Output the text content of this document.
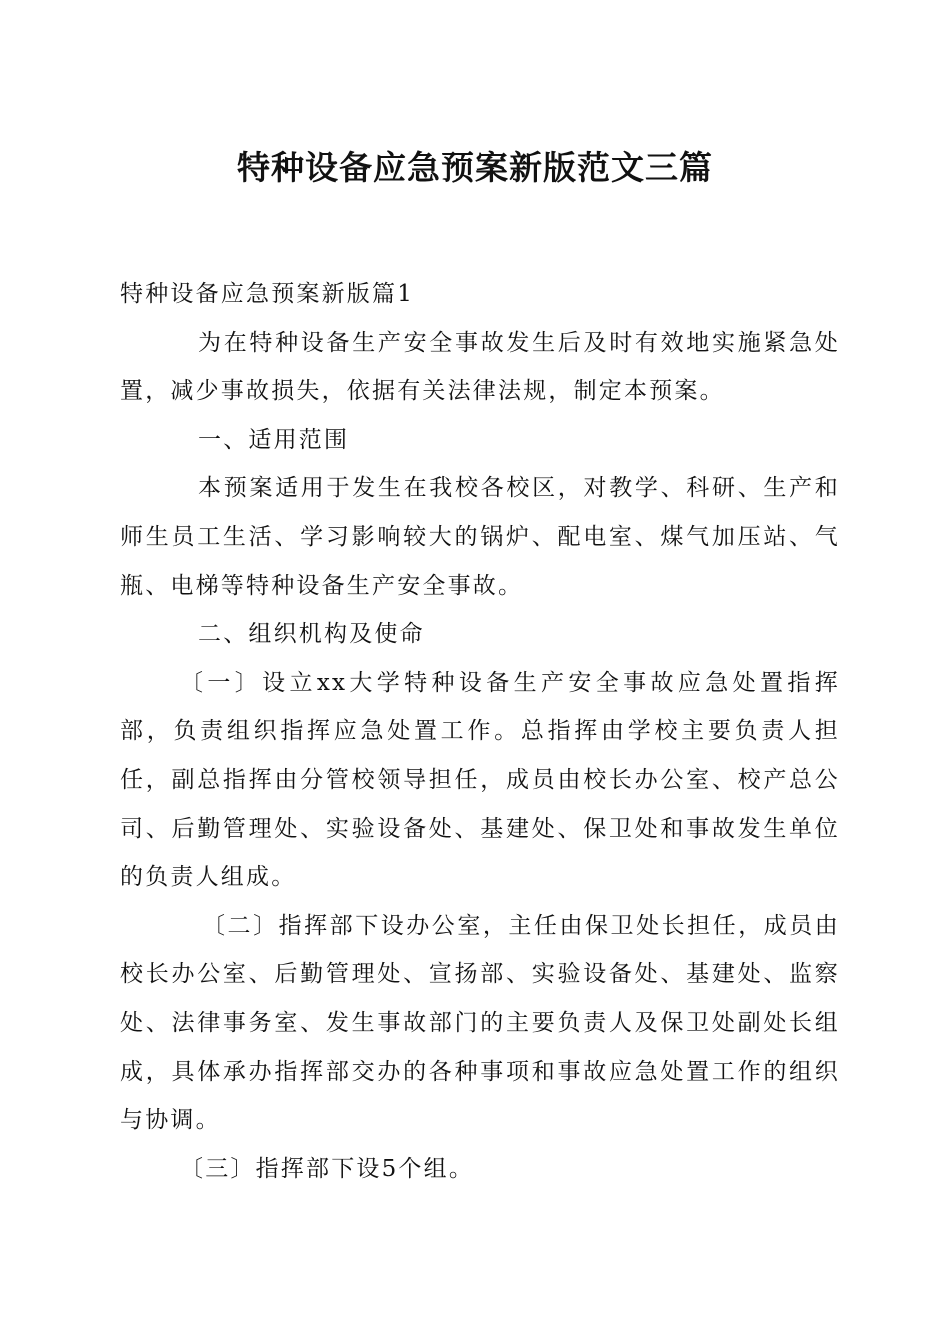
特种设备应急预案新版范文三篇

特种设备应急预案新版篇1

为在特种设备生产安全事故发生后及时有效地实施紧急处置，减少事故损失，依据有关法律法规，制定本预案。

一、适用范围

本预案适用于发生在我校各校区，对教学、科研、生产和师生员工生活、学习影响较大的锅炉、配电室、煤气加压站、气瓶、电梯等特种设备生产安全事故。

二、组织机构及使命

〔一〕设立xx大学特种设备生产安全事故应急处置指挥部，负责组织指挥应急处置工作。总指挥由学校主要负责人担任，副总指挥由分管校领导担任，成员由校长办公室、校产总公司、后勤管理处、实验设备处、基建处、保卫处和事故发生单位的负责人组成。

〔二〕指挥部下设办公室，主任由保卫处长担任，成员由校长办公室、后勤管理处、宣扬部、实验设备处、基建处、监察处、法律事务室、发生事故部门的主要负责人及保卫处副处长组成，具体承办指挥部交办的各种事项和事故应急处置工作的组织与协调。

〔三〕指挥部下设5个组。
